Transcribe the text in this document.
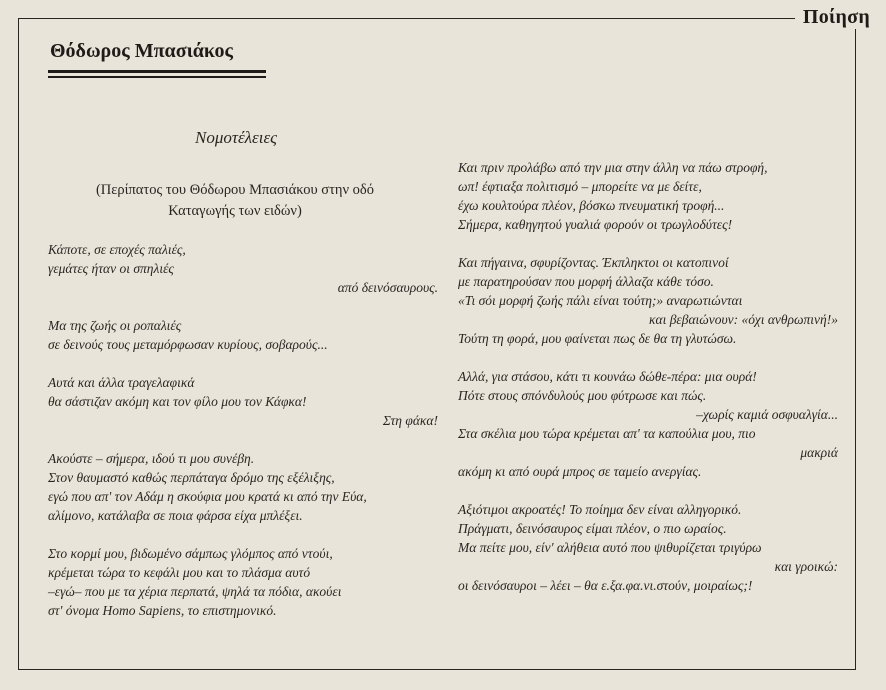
Ποίηση
Θόδωρος Μπασιάκος
Νομοτέλειες
(Περίπατος του Θόδωρου Μπασιάκου στην οδό
Καταγωγής των ειδών)
Κάποτε, σε εποχές παλιές,
γεμάτες ήταν οι σπηλιές
από δεινόσαυρους.
Μα της ζωής οι ροπαλιές
σε δεινούς τους μεταμόρφωσαν κυρίους, σοβαρούς...
Αυτά και άλλα τραγελαφικά
θα σάστιζαν ακόμη και τον φίλο μου τον Κάφκα!
Στη φάκα!
Ακούστε – σήμερα, ιδού τι μου συνέβη.
Στον θαυμαστό καθώς περπάταγα δρόμο της εξέλιξης,
εγώ που απ' τον Αδάμ η σκούφια μου κρατά κι από την Εύα,
αλίμονο, κατάλαβα σε ποια φάρσα είχα μπλέξει.
Στο κορμί μου, βιδωμένο σάμπως γλόμπος από ντούι,
κρέμεται τώρα το κεφάλι μου και το πλάσμα αυτό
–εγώ– που με τα χέρια περπατά, ψηλά τα πόδια, ακούει
στ' όνομα Homo Sapiens, το επιστημονικό.
Και πριν προλάβω από την μια στην άλλη να πάω στροφή,
ωπ! έφτιαξα πολιτισμό – μπορείτε να με δείτε,
έχω κουλτούρα πλέον, βόσκω πνευματική τροφή...
Σήμερα, καθηγητού γυαλιά φορούν οι τρωγλοδύτες!
Και πήγαινα, σφυρίζοντας. Έκπληκτοι οι κατοπινοί
με παρατηρούσαν που μορφή άλλαζα κάθε τόσο.
«Τι σόι μορφή ζωής πάλι είναι τούτη;» αναρωτιώνται
και βεβαιώνουν: «όχι ανθρωπινή!»
Τούτη τη φορά, μου φαίνεται πως δε θα τη γλυτώσω.
Αλλά, για στάσου, κάτι τι κουνάω δώθε-πέρα: μια ουρά!
Πότε στους σπόνδυλούς μου φύτρωσε και πώς.
–χωρίς καμιά οσφυαλγία...
Στα σκέλια μου τώρα κρέμεται απ' τα καπούλια μου, πιο
μακριά
ακόμη κι από ουρά μπρος σε ταμείο ανεργίας.
Αξιότιμοι ακροατές! Το ποίημα δεν είναι αλληγορικό.
Πράγματι, δεινόσαυρος είμαι πλέον, ο πιο ωραίος.
Μα πείτε μου, είν' αλήθεια αυτό που ψιθυρίζεται τριγύρω
και γροικώ:
οι δεινόσαυροι – λέει – θα ε.ξα.φα.νι.στούν, μοιραίως;!
